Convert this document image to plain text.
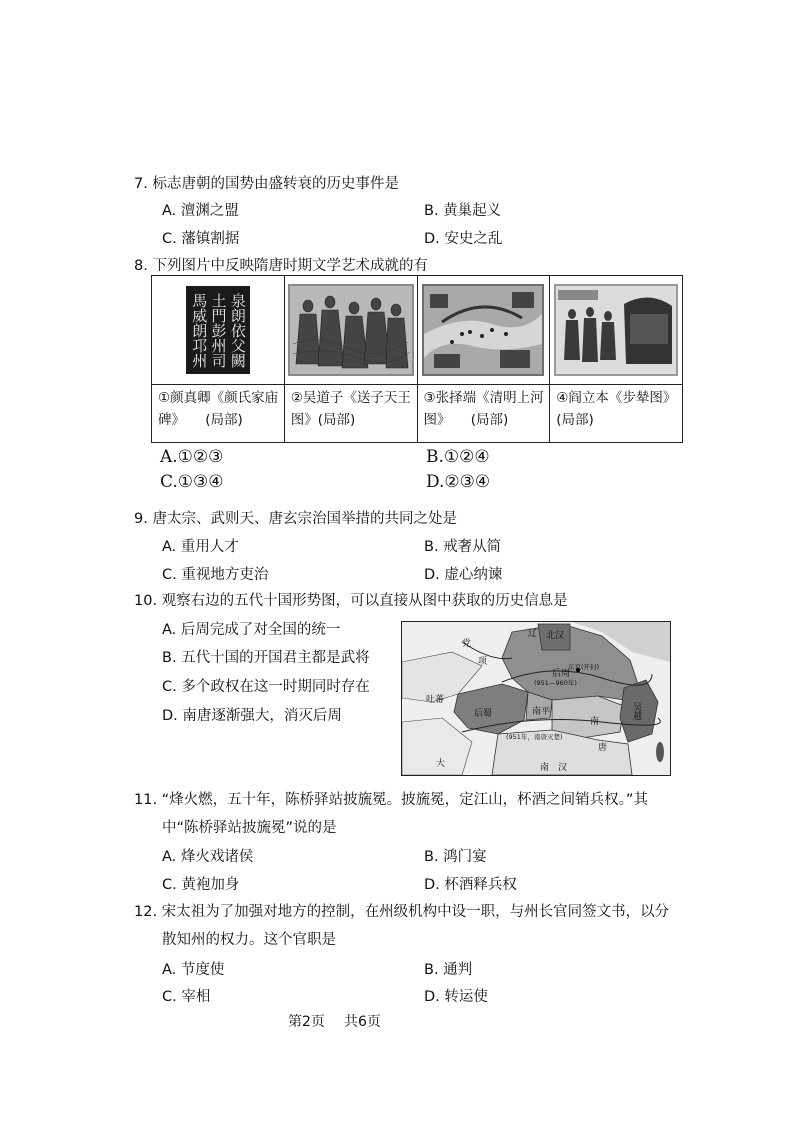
7. 标志唐朝的国势由盛转衰的历史事件是
A. 澶渊之盟	B. 黄巢起义
C. 藩镇割据	D. 安史之乱
8. 下列图片中反映隋唐时期文学艺术成就的有
馬威朗邛州 土門彭州司 泉朗依父闕

①颜真卿《颜氏家庙碑》　　(局部)	②吴道子《送子天王图》(局部)	③张择端《清明上河图》　　(局部)	④阎立本《步辇图》　(局部)
A.①②③	B.①②④
C.①③④	D.②③④
9. 唐太宗、武则天、唐玄宗治国举措的共同之处是
A. 重用人才	B. 戒奢从简
C. 重视地方吏治	D. 虚心纳谏
10. 观察右边的五代十国形势图，可以直接从图中获取的历史信息是
A. 后周完成了对全国的统一
B. 五代十国的开国君主都是武将
C. 多个政权在这一时期同时存在
D. 南唐逐渐强大，消灭后周
北汉
后周
东京(开封)
(951—960年)
后蜀	南平
南
唐
吴越
(951年，南唐灭楚)
南　汉
吐蕃
大
党
项
辽
11. “烽火燃，五十年，陈桥驿站披旒冕。披旒冕，定江山，杯酒之间销兵权。”其
中“陈桥驿站披旒冕”说的是
A. 烽火戏诸侯	B. 鸿门宴
C. 黄袍加身	D. 杯酒释兵权
12. 宋太祖为了加强对地方的控制，在州级机构中设一职，与州长官同签文书，以分
散知州的权力。这个官职是
A. 节度使	B. 通判
C. 宰相	D. 转运使
第2页 共6页
